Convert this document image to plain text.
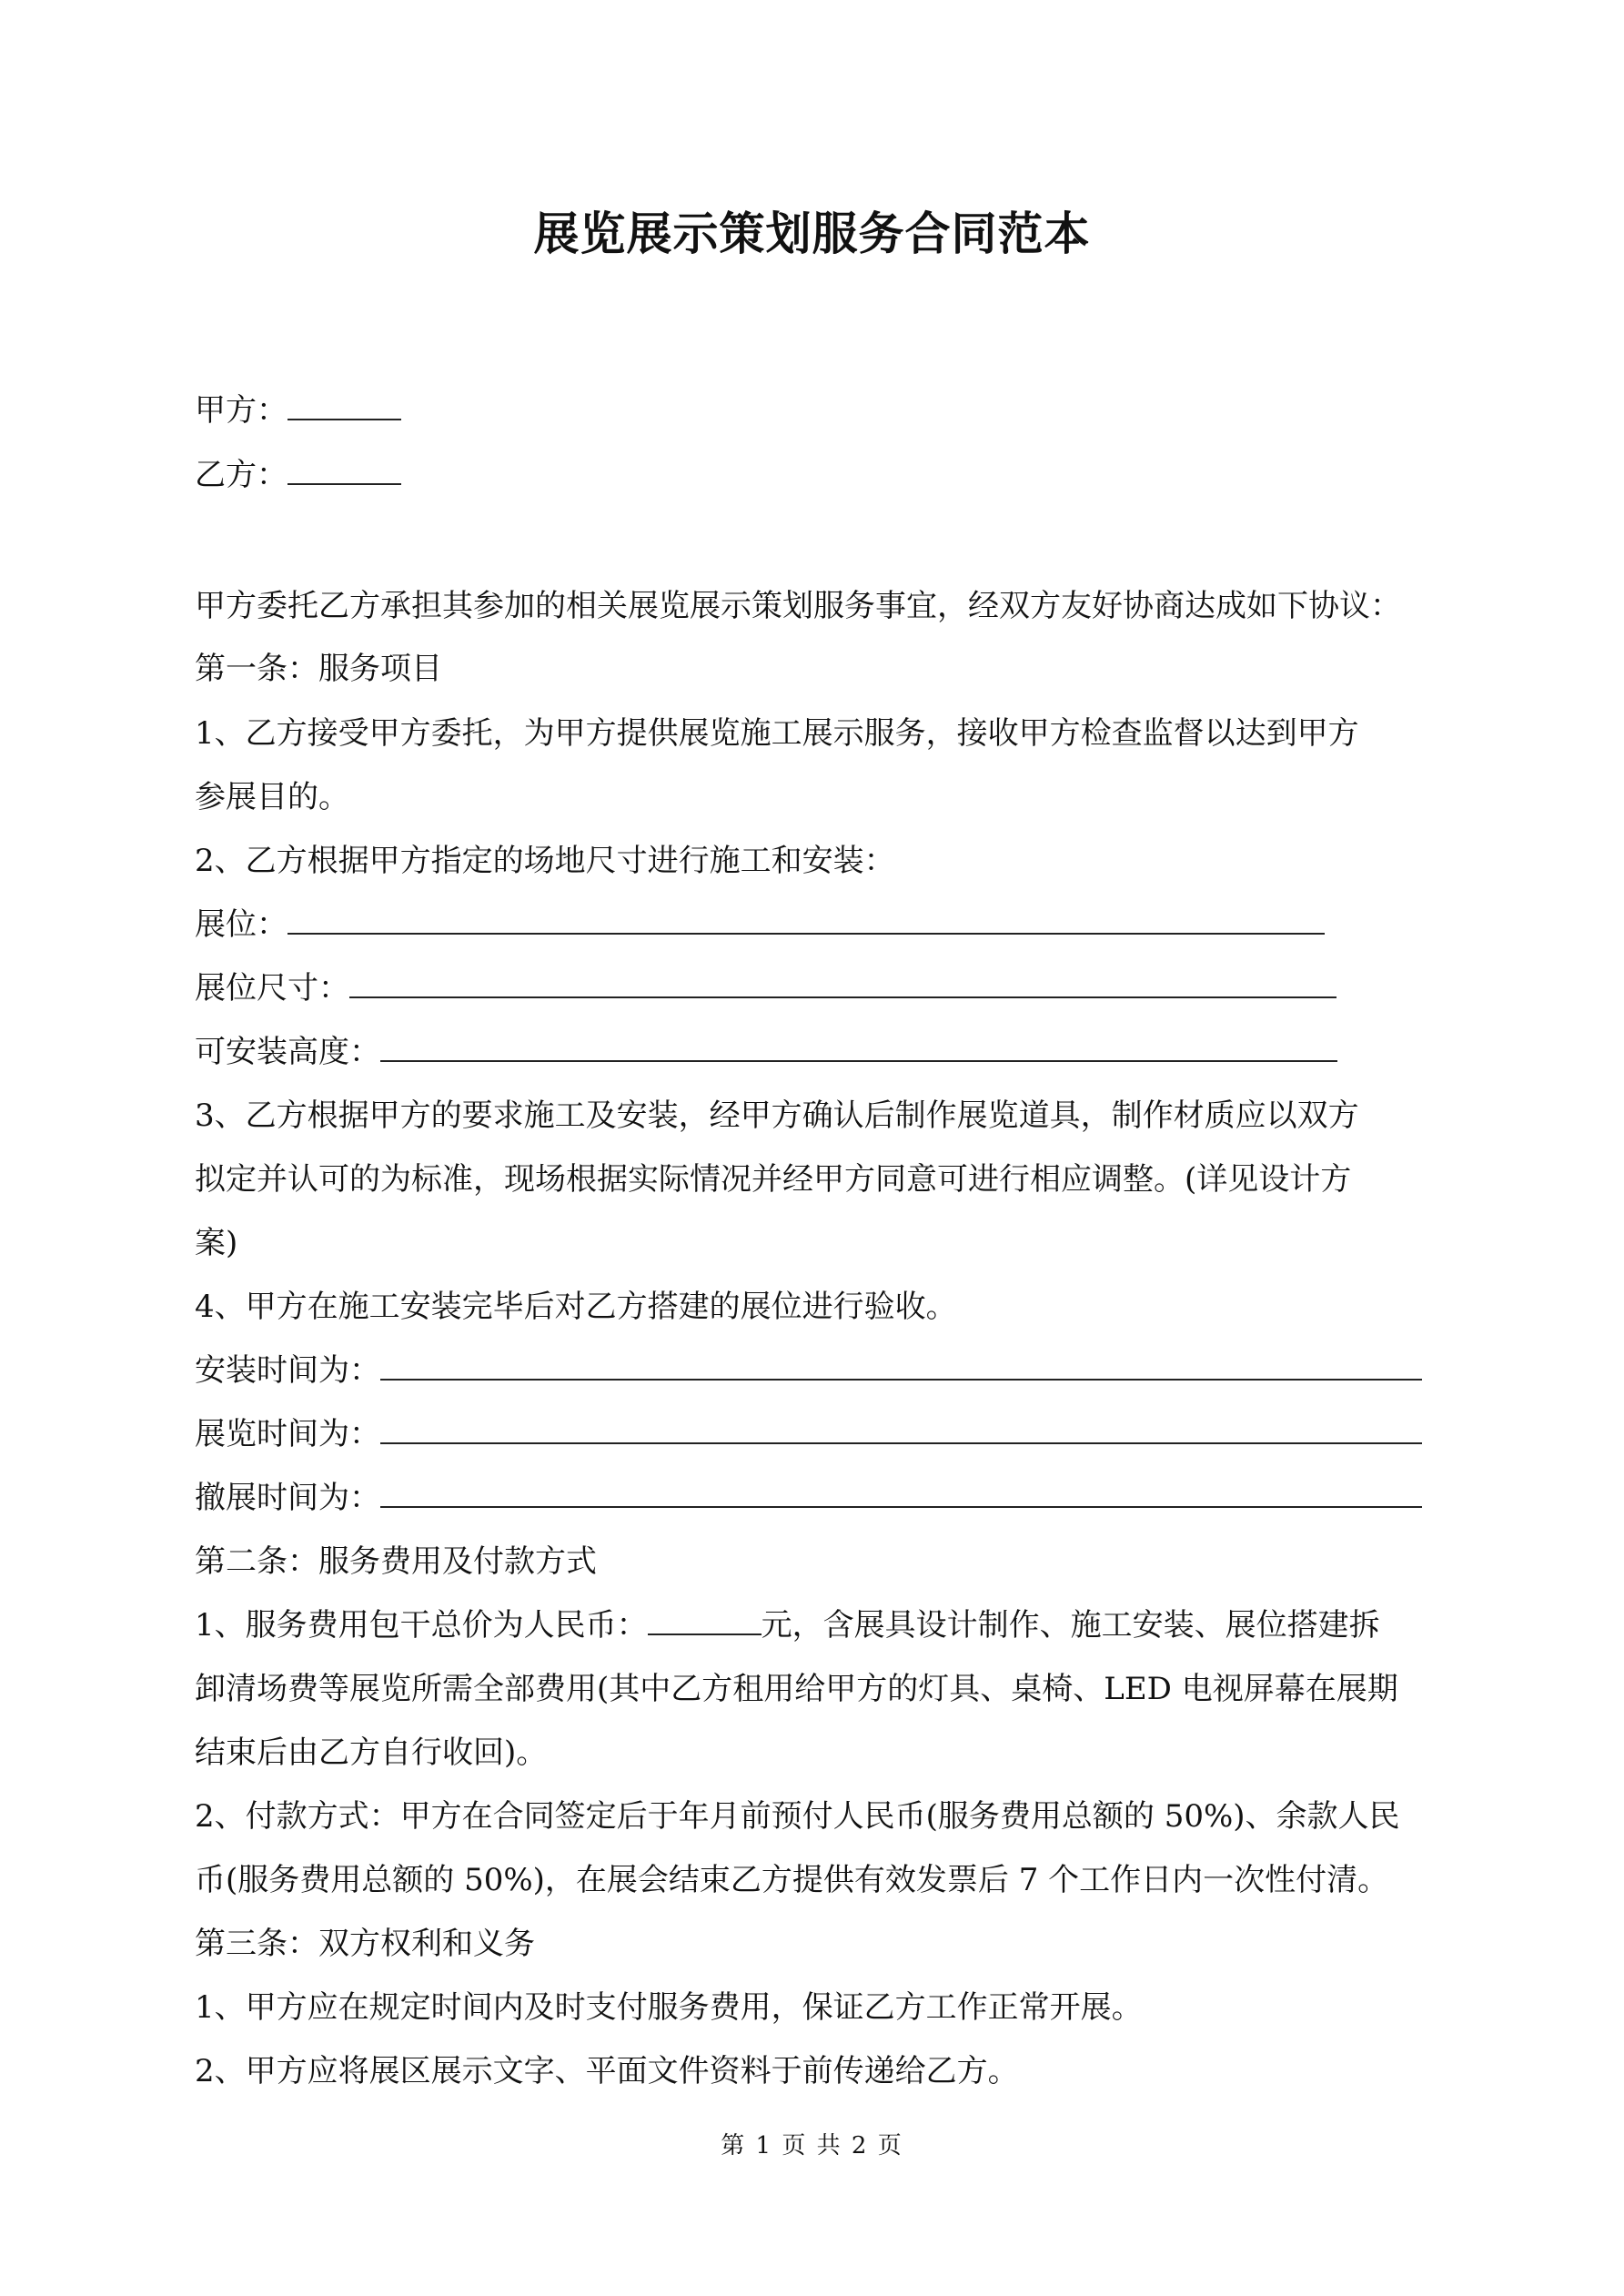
展览展示策划服务合同范本
甲方：
乙方：
甲方委托乙方承担其参加的相关展览展示策划服务事宜，经双方友好协商达成如下协议：
第一条：服务项目
1、乙方接受甲方委托，为甲方提供展览施工展示服务，接收甲方检查监督以达到甲方
参展目的。
2、乙方根据甲方指定的场地尺寸进行施工和安装：
展位：
展位尺寸：
可安装高度：
3、乙方根据甲方的要求施工及安装，经甲方确认后制作展览道具，制作材质应以双方
拟定并认可的为标准，现场根据实际情况并经甲方同意可进行相应调整。(详见设计方
案)
4、甲方在施工安装完毕后对乙方搭建的展位进行验收。
安装时间为：
展览时间为：
撤展时间为：
第二条：服务费用及付款方式
1、服务费用包干总价为人民币：	元，含展具设计制作、施工安装、展位搭建拆
卸清场费等展览所需全部费用(其中乙方租用给甲方的灯具、桌椅、LED 电视屏幕在展期
结束后由乙方自行收回)。
2、付款方式：甲方在合同签定后于年月前预付人民币(服务费用总额的 50%)、余款人民
币(服务费用总额的 50%)，在展会结束乙方提供有效发票后 7 个工作日内一次性付清。
第三条：双方权利和义务
1、甲方应在规定时间内及时支付服务费用，保证乙方工作正常开展。
2、甲方应将展区展示文字、平面文件资料于前传递给乙方。
第 1 页 共 2 页
